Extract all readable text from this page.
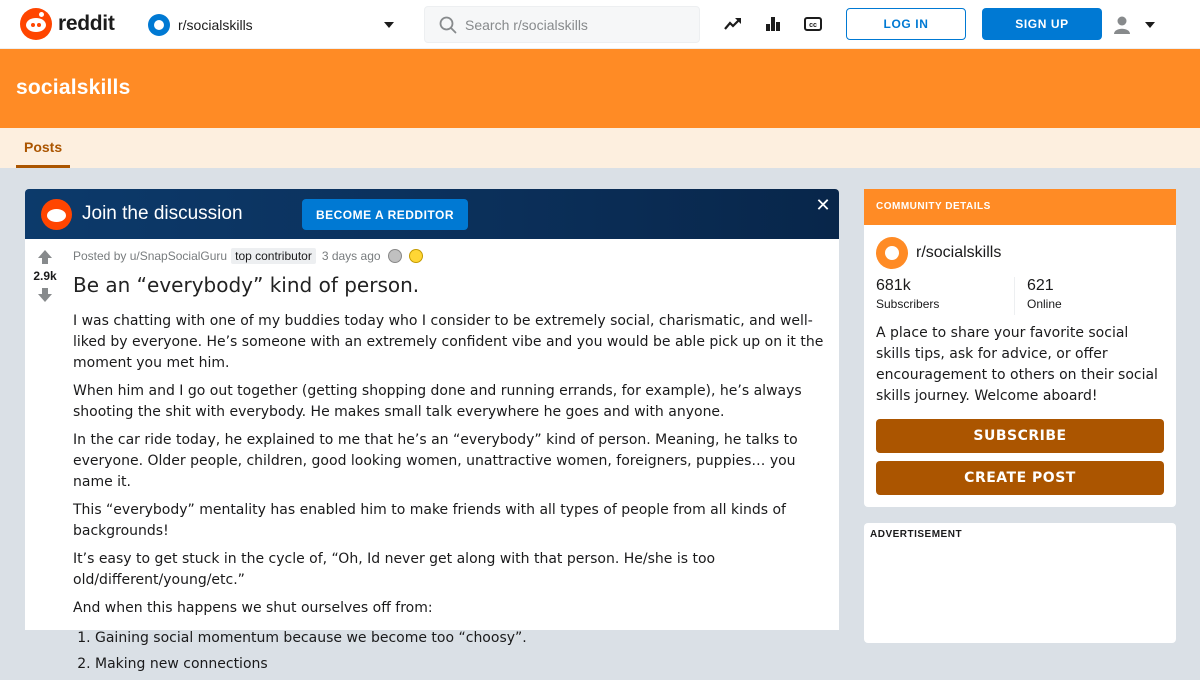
reddit	r/socialskills
Search r/socialskills	cc	LOG IN	SIGN UP
socialskills
Posts
Join the discussion	BECOME A REDDITOR	✕
2.9k
Posted by u/SnapSocialGuru top contributor 3 days ago
Be an “everybody” kind of person.

I was chatting with one of my buddies today who I consider to be extremely social, charismatic, and well-liked by everyone. He’s someone with an extremely confident vibe and you would be able pick up on it the moment you met him.

When him and I go out together (getting shopping done and running errands, for example), he’s always shooting the shit with everybody. He makes small talk everywhere he goes and with anyone.

In the car ride today, he explained to me that he’s an “everybody” kind of person. Meaning, he talks to everyone. Older people, children, good looking women, unattractive women, foreigners, puppies… you name it.

This “everybody” mentality has enabled him to make friends with all types of people from all kinds of backgrounds!

It’s easy to get stuck in the cycle of, “Oh, Id never get along with that person. He/she is too old/different/young/etc.”

And when this happens we shut ourselves off from:

1. Gaining social momentum because we become too “choosy”.
2. Making new connections
COMMUNITY DETAILS
r/socialskills
681k
Subscribers
621
Online
A place to share your favorite social skills tips, ask for advice, or offer encouragement to others on their social skills journey. Welcome aboard!
SUBSCRIBE
CREATE POST
ADVERTISEMENT
